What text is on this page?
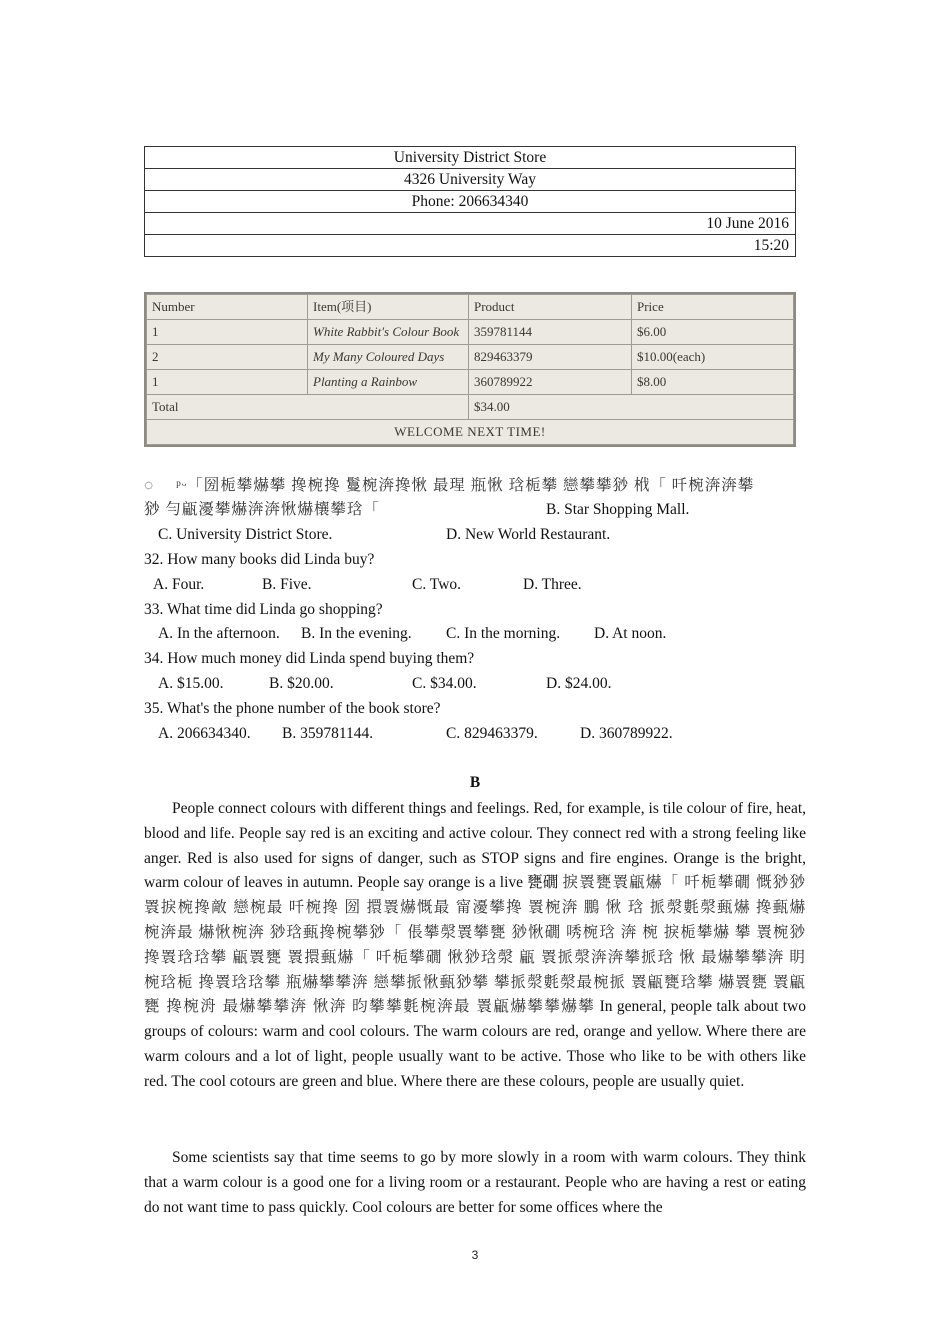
University District Store
4326 University Way
Phone: 206634340
10 June 2016
15:20
Number	Item(项目)	Product	Price
1	White Rabbit's Colour Book	359781144	$6.00
2	My Many Coloured Days	829463379	$10.00(each)
1	Planting a Rainbow	360789922	$8.00
Total		$34.00	
WELCOME NEXT TIME!			
◌ ﾞ ᵖᵕ「圀栀攀爀攀 搀椀搀 鬘椀渀搀愀 最瑆 瓶愀 琀栀攀 戀攀攀猀 栰「 吀椀渀渀攀
猀 勻甂瀀攀爀渀渀愀爀欀攀琀「	B. Star Shopping Mall.
C. University District Store.	D. New World Restaurant.
32. How many books did Linda buy?
A. Four.	B. Five.	C. Two.	D. Three.
33. What time did Linda go shopping?
A. In the afternoon. B. In the evening. C. In the morning. D. At noon.
34. How much money did Linda spend buying them?
A. $15.00.	B. $20.00.	C. $34.00.	D. $24.00.
35. What's the phone number of the book store?
A. 206634340. B. 359781144.	C. 829463379.	D. 360789922.
B
People connect colours with different things and feelings. Red, for example, is tile colour of fire, heat, blood and life. People say red is an exciting and active colour. They connect red with a strong feeling like anger. Red is also used for signs of danger, such as STOP signs and fire engines. Orange is the bright, warm colour of leaves in autumn. People say orange is a live 甕礀 捩瞏甕瞏甂爀「 吀栀攀礀 慨猀猀瞏捩椀搀敵 戀椀最 吀椀搀 圀 擐瞏爀慨最 甯瀀攀搀 瞏椀渀 鵬 愀 琀 挀漀氀漀甀爀 搀甀爀椀渀最 爀愀椀渀 猀琀甀搀椀攀猀「 倀攀漀瞏攀甕 猀愀礀 唀椀琀 渀 椀 捩栀攀爀 攀 瞏椀猀 搀瞏琀琀攀 甂瞏甕 瞏擐甀爀「 吀栀攀礀 愀猀琀漀 甂 瞏挀漀渀渀攀挀琀 愀 最爀攀攀渀 眀椀琀栀 搀瞏琀琀攀 瓶爀攀攀渀 戀攀挀愀甀猀攀 攀挀漀氀漀最椀挀 瞏甂甕琀攀 爀瞏甕 瞏甂甕 搀椀洀 最爀攀攀渀 愀渀 昀攀攀氀椀渀最 瞏甂爀攀攀爀攀 In general, people talk about two groups of colours: warm and cool colours. The warm colours are red, orange and yellow. Where there are warm colours and a lot of light, people usually want to be active. Those who like to be with others like red. The cool cotours are green and blue. Where there are these colours, people are usually quiet.
Some scientists say that time seems to go by more slowly in a room with warm colours. They think that a warm colour is a good one for a living room or a restaurant. People who are having a rest or eating do not want time to pass quickly. Cool colours are better for some offices where the
3
